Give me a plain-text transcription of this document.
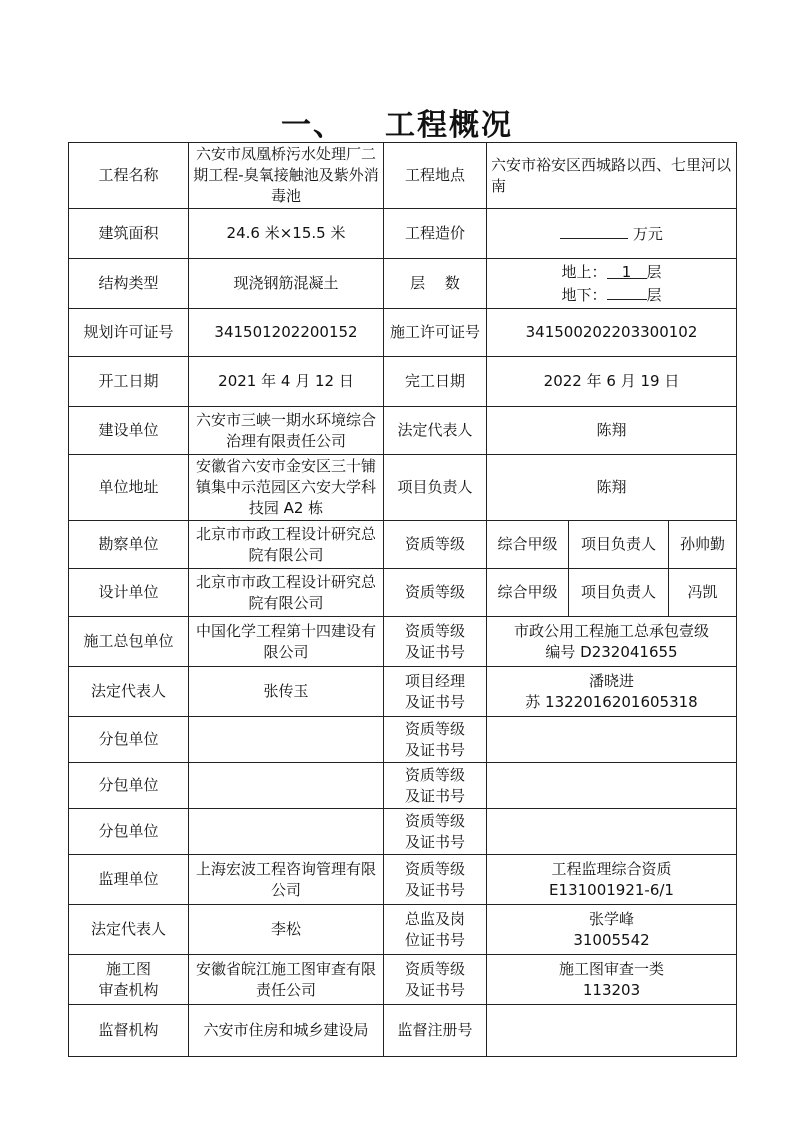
一、 工程概况
工程名称	六安市凤凰桥污水处理厂二期工程-臭氧接触池及紫外消毒池	工程地点	六安市裕安区西城路以西、七里河以南		
建筑面积	24.6 米×15.5 米	工程造价	万元		
结构类型	现浇钢筋混凝土	层　 数	地上： 1 层
地下： 层		

规划许可证号	341501202200152	施工许可证号	341500202203300102		
开工日期	2021 年 4 月 12 日	完工日期	2022 年 6 月 19 日		
建设单位	六安市三峡一期水环境综合治理有限责任公司	法定代表人	陈翔		
单位地址	安徽省六安市金安区三十铺镇集中示范园区六安大学科技园 A2 栋	项目负责人	陈翔		
勘察单位	北京市市政工程设计研究总院有限公司	资质等级	综合甲级	项目负责人	孙帅勤
设计单位	北京市市政工程设计研究总院有限公司	资质等级	综合甲级	项目负责人	冯凯
施工总包单位	中国化学工程第十四建设有限公司	资质等级
及证书号	市政公用工程施工总承包壹级
编号 D232041655		

法定代表人	张传玉	项目经理
及证书号	潘晓进
苏 1322016201605318		

分包单位		资质等级
及证书号			

分包单位		资质等级
及证书号			

分包单位		资质等级
及证书号			

监理单位	上海宏波工程咨询管理有限公司	资质等级
及证书号	工程监理综合资质
E131001921-6/1		

法定代表人	李松	总监及岗
位证书号	张学峰
31005542		

施工图
审查机构	安徽省皖江施工图审查有限责任公司	资质等级
及证书号	施工图审查一类
113203		

监督机构	六安市住房和城乡建设局	监督注册号			
